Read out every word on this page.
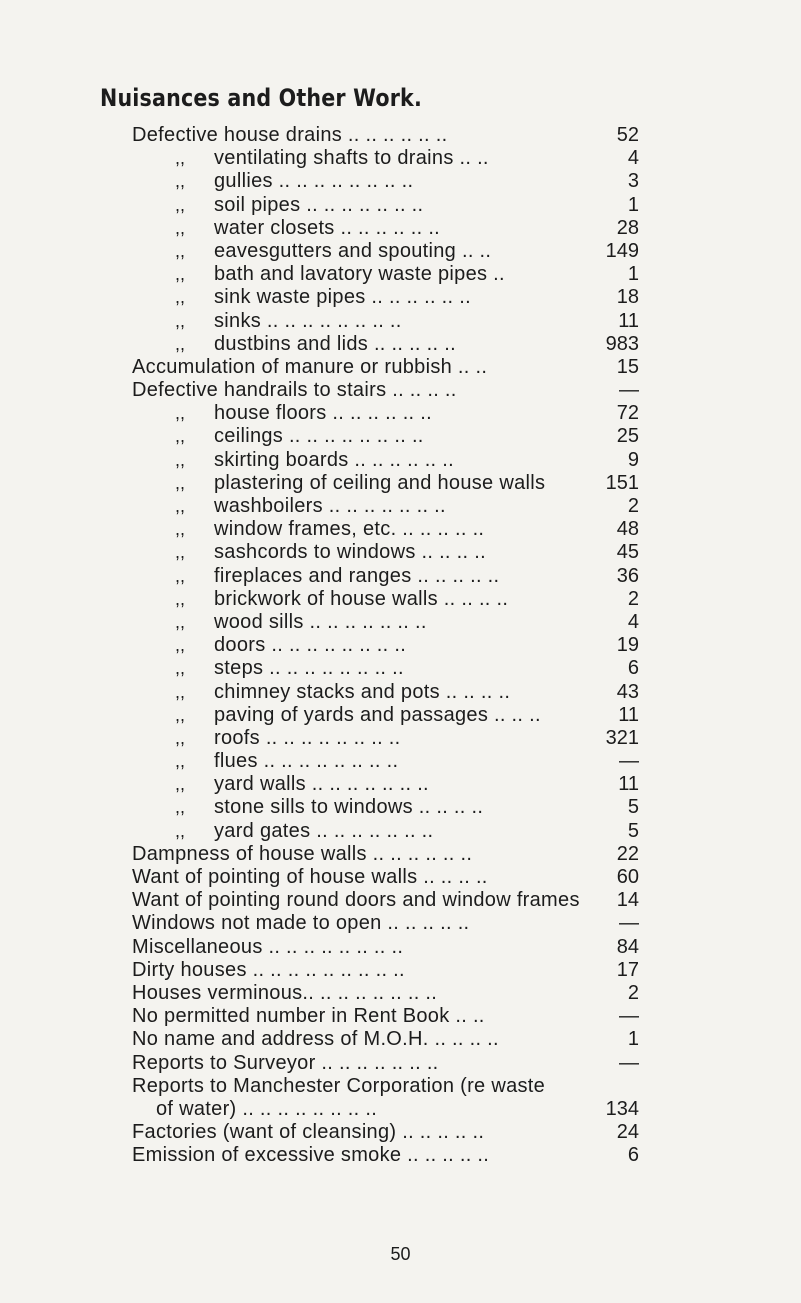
Nuisances and Other Work.
Defective house drains .. .. .. .. .. ..	52
,, ventilating shafts to drains .. ..	4
,, gullies .. .. .. .. .. .. .. ..	3
,, soil pipes .. .. .. .. .. .. ..	1
,, water closets .. .. .. .. .. ..	28
,, eavesgutters and spouting .. ..	149
,, bath and lavatory waste pipes ..	1
,, sink waste pipes .. .. .. .. .. ..	18
,, sinks .. .. .. .. .. .. .. ..	11
,, dustbins and lids .. .. .. .. ..	983
Accumulation of manure or rubbish .. ..	15
Defective handrails to stairs .. .. .. ..	—
,, house floors .. .. .. .. .. ..	72
,, ceilings .. .. .. .. .. .. .. ..	25
,, skirting boards .. .. .. .. .. ..	9
,, plastering of ceiling and house walls	151
,, washboilers .. .. .. .. .. .. ..	2
,, window frames, etc. .. .. .. .. ..	48
,, sashcords to windows .. .. .. ..	45
,, fireplaces and ranges .. .. .. .. ..	36
,, brickwork of house walls .. .. .. ..	2
,, wood sills .. .. .. .. .. .. ..	4
,, doors .. .. .. .. .. .. .. ..	19
,, steps .. .. .. .. .. .. .. ..	6
,, chimney stacks and pots .. .. .. ..	43
,, paving of yards and passages .. .. ..	11
,, roofs .. .. .. .. .. .. .. ..	321
,, flues .. .. .. .. .. .. .. ..	—
,, yard walls .. .. .. .. .. .. ..	11
,, stone sills to windows .. .. .. ..	5
,, yard gates .. .. .. .. .. .. ..	5
Dampness of house walls .. .. .. .. .. ..	22
Want of pointing of house walls .. .. .. ..	60
Want of pointing round doors and window frames 14
Windows not made to open .. .. .. .. ..	—
Miscellaneous .. .. .. .. .. .. .. ..	84
Dirty houses .. .. .. .. .. .. .. .. ..	17
Houses verminous.. .. .. .. .. .. .. ..	2
No permitted number in Rent Book .. ..	—
No name and address of M.O.H. .. .. .. ..	1
Reports to Surveyor .. .. .. .. .. .. ..	—
Reports to Manchester Corporation (re waste
of water) .. .. .. .. .. .. .. ..	134
Factories (want of cleansing) .. .. .. .. ..	24
Emission of excessive smoke .. .. .. .. ..	6
50
